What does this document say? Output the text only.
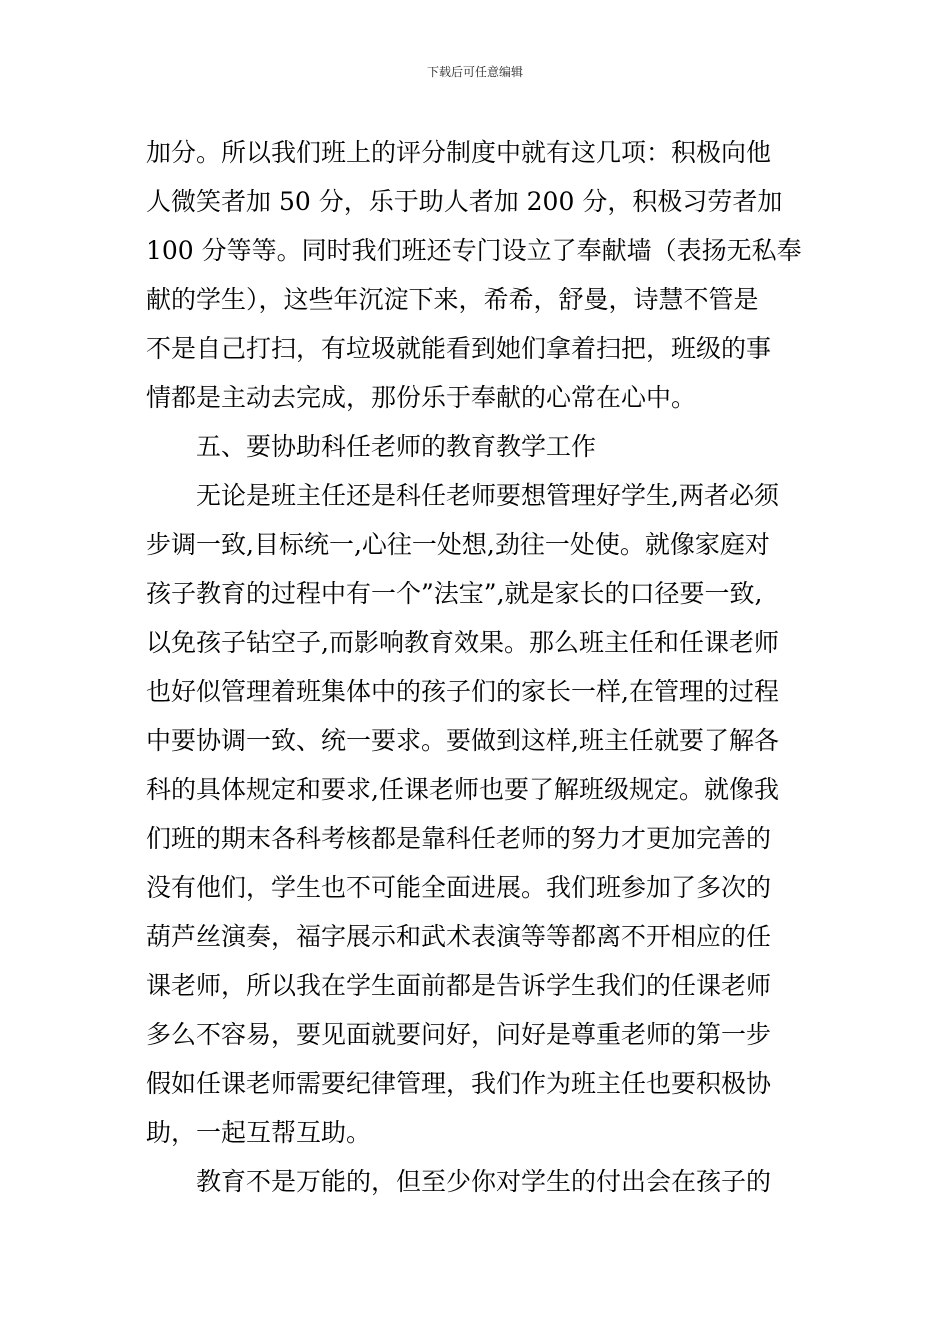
下载后可任意编辑
加分。所以我们班上的评分制度中就有这几项：积极向他
人微笑者加 50 分，乐于助人者加 200 分，积极习劳者加
100 分等等。同时我们班还专门设立了奉献墙（表扬无私奉
献的学生），这些年沉淀下来，希希，舒曼，诗慧不管是
不是自己打扫，有垃圾就能看到她们拿着扫把，班级的事
情都是主动去完成，那份乐于奉献的心常在心中。
　　五、要协助科任老师的教育教学工作
　　无论是班主任还是科任老师要想管理好学生,两者必须
步调一致,目标统一,心往一处想,劲往一处使。就像家庭对
孩子教育的过程中有一个”法宝”,就是家长的口径要一致,
以免孩子钻空子,而影响教育效果。那么班主任和任课老师
也好似管理着班集体中的孩子们的家长一样,在管理的过程
中要协调一致、统一要求。要做到这样,班主任就要了解各
科的具体规定和要求,任课老师也要了解班级规定。就像我
们班的期末各科考核都是靠科任老师的努力才更加完善的
没有他们，学生也不可能全面进展。我们班参加了多次的
葫芦丝演奏，福字展示和武术表演等等都离不开相应的任
课老师，所以我在学生面前都是告诉学生我们的任课老师
多么不容易，要见面就要问好，问好是尊重老师的第一步
假如任课老师需要纪律管理，我们作为班主任也要积极协
助，一起互帮互助。
　　教育不是万能的，但至少你对学生的付出会在孩子的
